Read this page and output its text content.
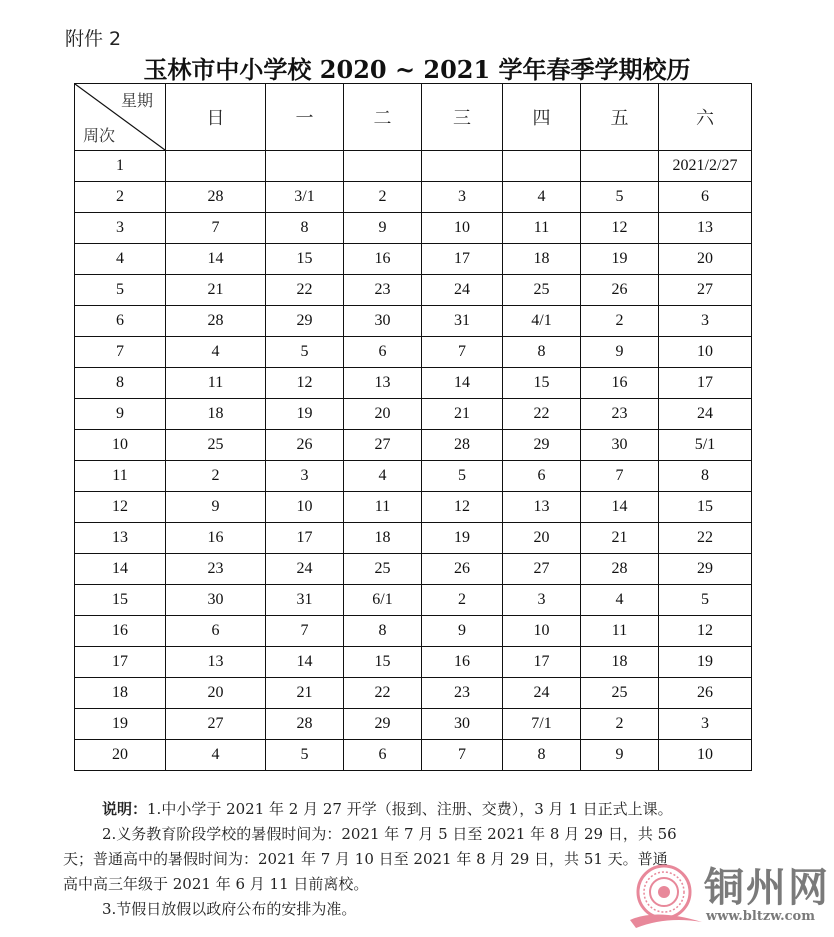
附件 2
玉林市中小学校 2020 ~ 2021 学年春季学期校历
星期
周次	日	一	二	三	四	五	六
1							2021/2/27
2	28	3/1	2	3	4	5	6
3	7	8	9	10	11	12	13
4	14	15	16	17	18	19	20
5	21	22	23	24	25	26	27
6	28	29	30	31	4/1	2	3
7	4	5	6	7	8	9	10
8	11	12	13	14	15	16	17
9	18	19	20	21	22	23	24
10	25	26	27	28	29	30	5/1
11	2	3	4	5	6	7	8
12	9	10	11	12	13	14	15
13	16	17	18	19	20	21	22
14	23	24	25	26	27	28	29
15	30	31	6/1	2	3	4	5
16	6	7	8	9	10	11	12
17	13	14	15	16	17	18	19
18	20	21	22	23	24	25	26
19	27	28	29	30	7/1	2	3
20	4	5	6	7	8	9	10

说明：1.中小学于 2021 年 2 月 27 开学（报到、注册、交费），3 月 1 日正式上课。

2.义务教育阶段学校的暑假时间为：2021 年 7 月 5 日至 2021 年 8 月 29 日，共 56

天；普通高中的暑假时间为：2021 年 7 月 10 日至 2021 年 8 月 29 日，共 51 天。普通

高中高三年级于 2021 年 6 月 11 日前离校。

3.节假日放假以政府公布的安排为准。	铜州网
www.bltzw.com
